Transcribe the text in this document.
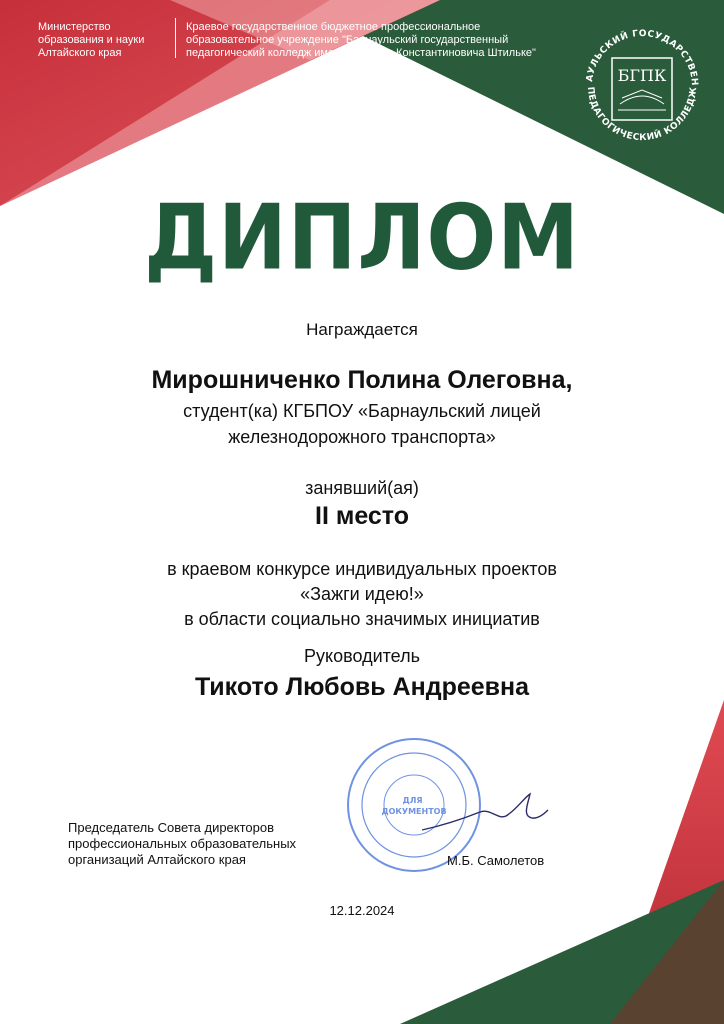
Министерство
образования и науки
Алтайского края
Краевое государственное бюджетное профессиональное
образовательное учреждение "Барнаульский государственный
педагогический колледж имени Василия Константиновича Штильке"
АУЛЬСКИЙ ГОСУДАРСТВЕН
ПЕДАГОГИЧЕСКИЙ КОЛЛЕДЖ
БГПК
ДИПЛОМ
Награждается
Мирошниченко Полина Олеговна,
студент(ка) КГБПОУ «Барнаульский лицей
железнодорожного транспорта»
занявший(ая)
II место
в краевом конкурсе индивидуальных проектов
«Зажги идею!»
в области социально значимых инициатив
Руководитель
Тикото Любовь Андреевна
ДЛЯ ДОКУМЕНТОВ
Председатель Совета директоров
профессиональных образовательных
организаций Алтайского края	М.Б. Самолетов
12.12.2024
